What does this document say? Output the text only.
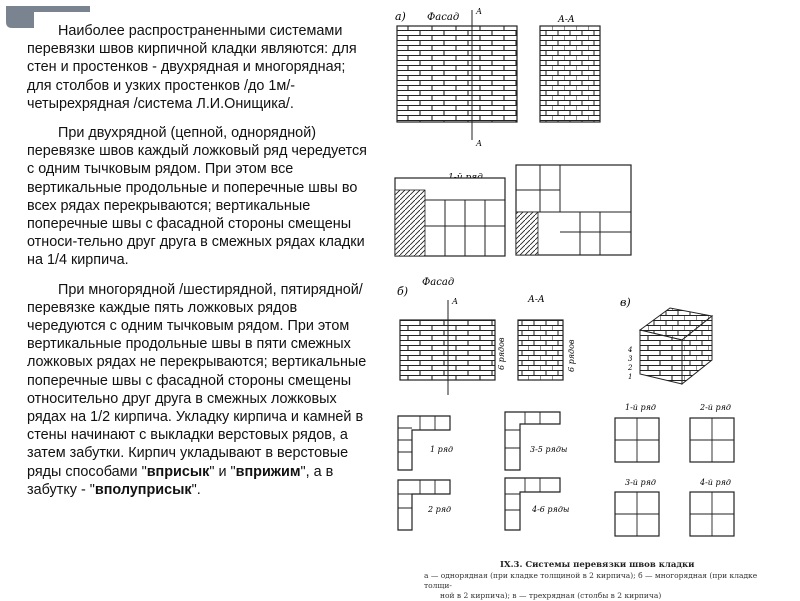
CTTMY

Наиболее распространенными системами перевязки швов кирпичной кладки являются: для стен и простенков - двухрядная и многорядная; для столбов и узких простенков /до 1м/- четырехрядная /система Л.И.Онищика/.

При двухрядной (цепной, однорядной) перевязке швов каждый ложковый ряд чередуется с одним тычковым рядом. При этом все вертикальные продольные и поперечные швы во всех рядах перекрываются; вертикальные поперечные швы с фасадной стороны смещены относи-тельно друг друга в смежных рядах кладки на 1/4 кирпича.

При многорядной /шестирядной, пятирядной/ перевязке каждые пять ложковых рядов чередуются с одним тычковым рядом. При этом вертикальные продольные швы в пяти смежных ложковых рядах не перекрываются; вертикальные поперечные швы с фасадной стороны смещены относительно друг друга в смежных ложковых рядах на 1/2 кирпича. Укладку кирпича и камней в стены начинают с выкладки верстовых рядов, а затем забутки. Кирпич укладывают в верстовые ряды способами "вприсык" и "вприжим", а в забутку - "вполуприсык".

а) Фасад	А-А
А
А
б)
Фасад
А-А	в)
А
6 рядов	6 рядов	4
3
2
1
1 ряд	3-5 ряды
2 ряд	4-6 ряды
1-й ряд	2-й ряд
3-й ряд	4-й ряд
IX.3. Системы перевязки швов кладки
а — однорядная (при кладке толщиной в 2 кирпича); б — многорядная (при кладке толщи-
ной в 2 кирпича); в — трехрядная (столбы в 2 кирпича)
